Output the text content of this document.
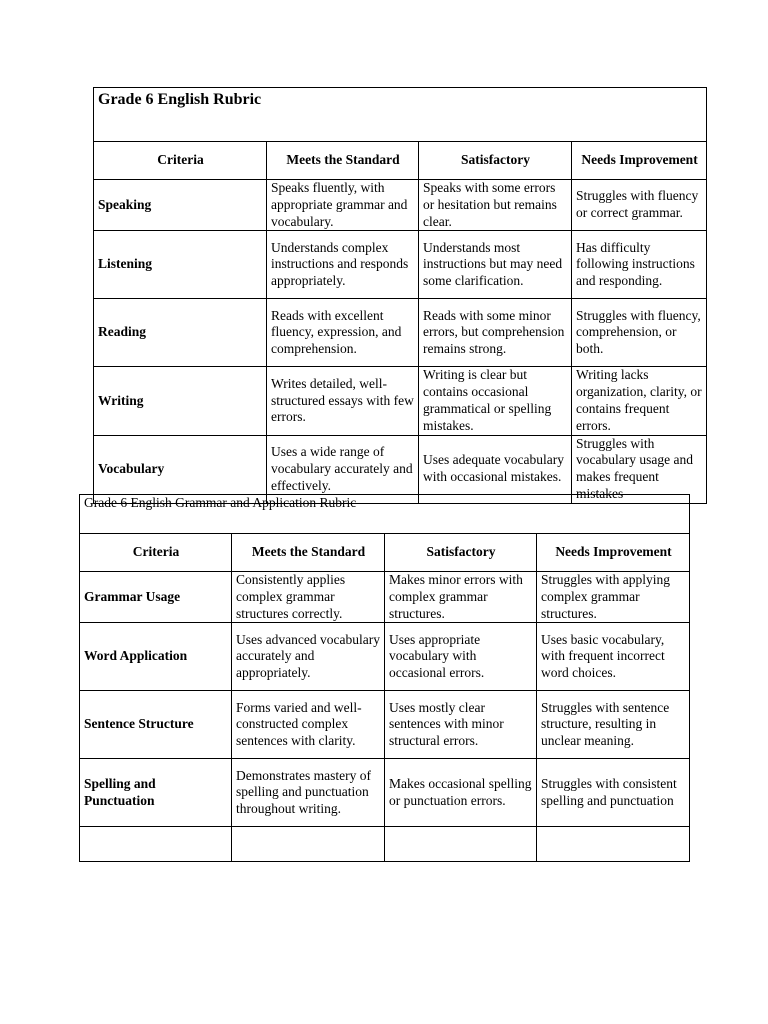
Grade 6 English Rubric			
Criteria	Meets the Standard	Satisfactory	Needs Improvement
Speaking	Speaks fluently, with appropriate grammar and vocabulary.	Speaks with some errors or hesitation but remains clear.	Struggles with fluency or correct grammar.
Listening	Understands complex instructions and responds appropriately.	Understands most instructions but may need some clarification.	Has difficulty following instructions and responding.
Reading	Reads with excellent fluency, expression, and comprehension.	Reads with some minor errors, but comprehension remains strong.	Struggles with fluency, comprehension, or both.
Writing	Writes detailed, well-structured essays with few errors.	Writing is clear but contains occasional grammatical or spelling mistakes.	Writing lacks organization, clarity, or contains frequent errors.
Vocabulary	Uses a wide range of vocabulary accurately and effectively.	Uses adequate vocabulary with occasional mistakes.	Struggles with vocabulary usage and makes frequent mistakes
Grade 6 English Grammar and Application Rubric			
Criteria	Meets the Standard	Satisfactory	Needs Improvement
Grammar Usage	Consistently applies complex grammar structures correctly.	Makes minor errors with complex grammar structures.	Struggles with applying complex grammar structures.
Word Application	Uses advanced vocabulary accurately and appropriately.	Uses appropriate vocabulary with occasional errors.	Uses basic vocabulary, with frequent incorrect word choices.
Sentence Structure	Forms varied and well-constructed complex sentences with clarity.	Uses mostly clear sentences with minor structural errors.	Struggles with sentence structure, resulting in unclear meaning.
Spelling and Punctuation	Demonstrates mastery of spelling and punctuation throughout writing.	Makes occasional spelling or punctuation errors.	Struggles with consistent spelling and punctuation
